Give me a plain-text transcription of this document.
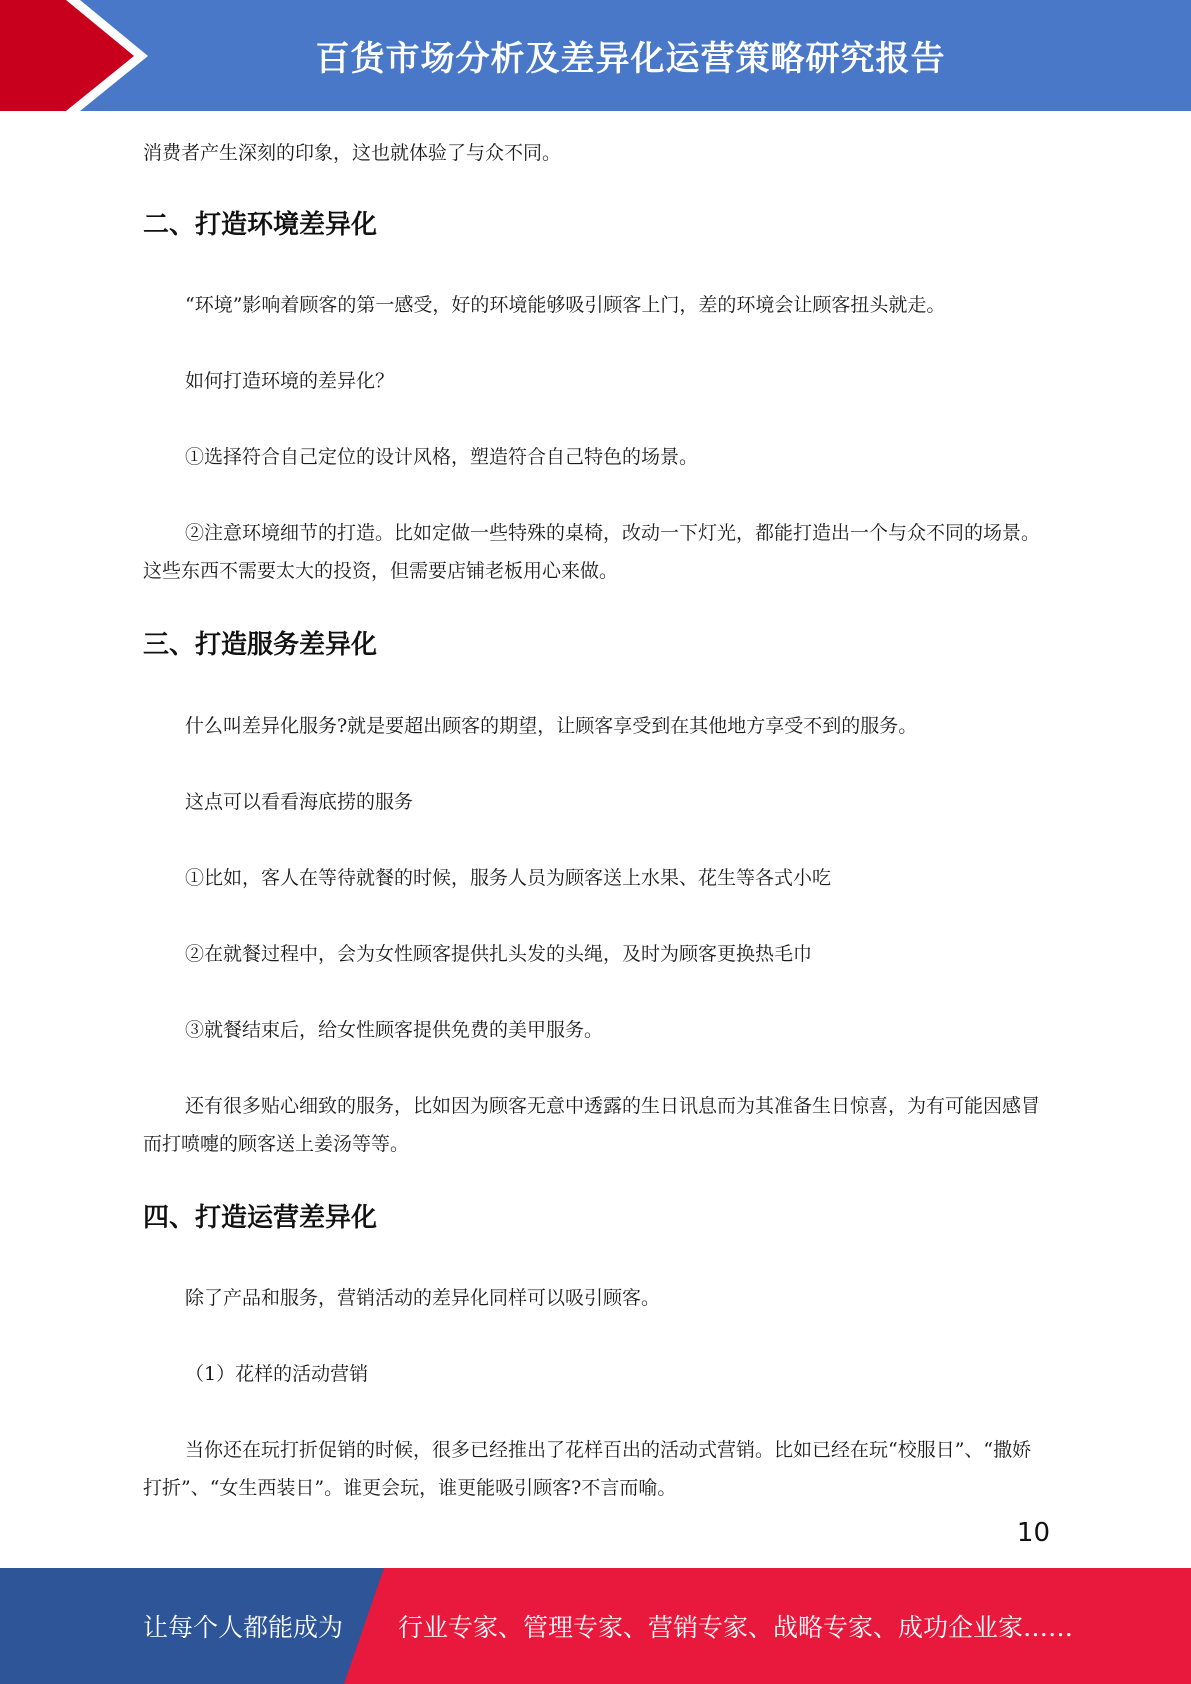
百货市场分析及差异化运营策略研究报告

消费者产生深刻的印象，这也就体验了与众不同。

二、打造环境差异化

“环境”影响着顾客的第一感受，好的环境能够吸引顾客上门，差的环境会让顾客扭头就走。

如何打造环境的差异化？

①选择符合自己定位的设计风格，塑造符合自己特色的场景。

②注意环境细节的打造。比如定做一些特殊的桌椅，改动一下灯光，都能打造出一个与众不同的场景。这些东西不需要太大的投资，但需要店铺老板用心来做。

三、打造服务差异化

什么叫差异化服务?就是要超出顾客的期望，让顾客享受到在其他地方享受不到的服务。

这点可以看看海底捞的服务

①比如，客人在等待就餐的时候，服务人员为顾客送上水果、花生等各式小吃

②在就餐过程中，会为女性顾客提供扎头发的头绳，及时为顾客更换热毛巾

③就餐结束后，给女性顾客提供免费的美甲服务。

还有很多贴心细致的服务，比如因为顾客无意中透露的生日讯息而为其准备生日惊喜，为有可能因感冒而打喷嚏的顾客送上姜汤等等。

四、打造运营差异化

除了产品和服务，营销活动的差异化同样可以吸引顾客。

（1）花样的活动营销

当你还在玩打折促销的时候，很多已经推出了花样百出的活动式营销。比如已经在玩“校服日”、“撒娇打折”、“女生西装日”。谁更会玩，谁更能吸引顾客?不言而喻。

10
让每个人都能成为 行业专家、管理专家、营销专家、战略专家、成功企业家……
